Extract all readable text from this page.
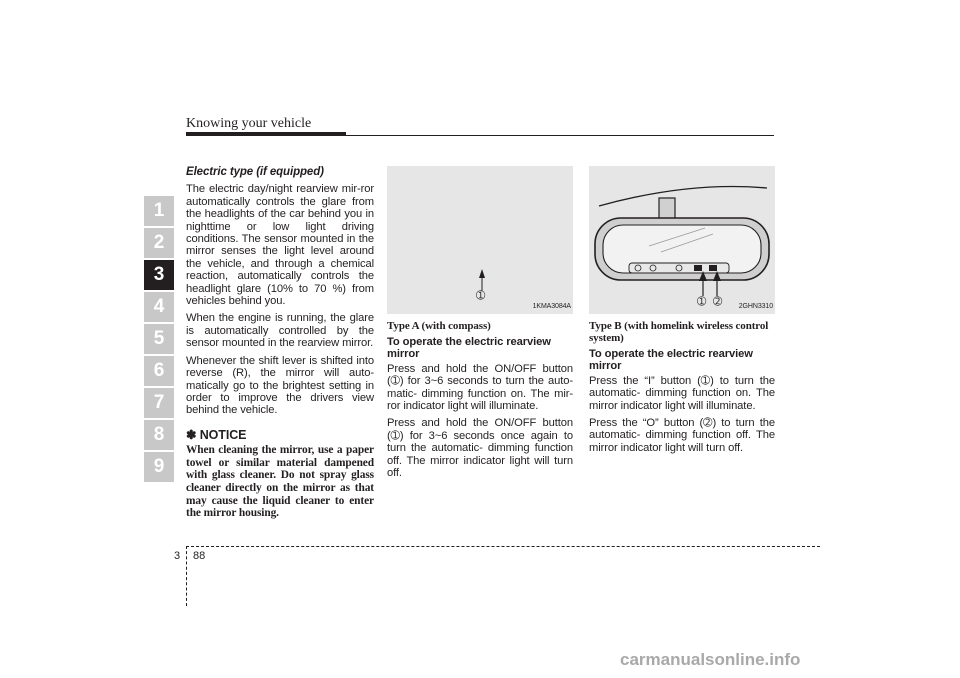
Knowing your vehicle
1
2
3
4
5
6
7
8
9
Electric type (if equipped)

The electric day/night rearview mir-ror automatically controls the glare from the headlights of the car behind you in nighttime or low light driving conditions. The sensor mounted in the mirror senses the light level around the vehicle, and through a chemical reaction, automatically controls the headlight glare (10% to 70 %) from vehicles behind you.

When the engine is running, the glare is automatically controlled by the sensor mounted in the rearview mirror.

Whenever the shift lever is shifted into reverse (R), the mirror will auto-matically go to the brightest setting in order to improve the drivers view behind the vehicle.

✽ NOTICE
When cleaning the mirror, use a paper towel or similar material dampened with glass cleaner. Do not spray glass cleaner directly on the mirror as that may cause the liquid cleaner to enter the mirror housing.
➀
1KMA3084A
Type A (with compass)
To operate the electric rearview mirror

Press and hold the ON/OFF button (➀) for 3~6 seconds to turn the auto- matic- dimming function on. The mir-ror indicator light will illuminate.

Press and hold the ON/OFF button (➀) for 3~6 seconds once again to turn the automatic- dimming function off. The mirror indicator light will turn off.

➀ ➁ 2GHN3310
Type B (with homelink wireless control system)
To operate the electric rearview mirror

Press the “I” button (➀) to turn the automatic- dimming function on. The mirror indicator light will illuminate.

Press the “O” button (➁) to turn the automatic- dimming function off. The mirror indicator light will turn off.

3 88
carmanualsonline.info
